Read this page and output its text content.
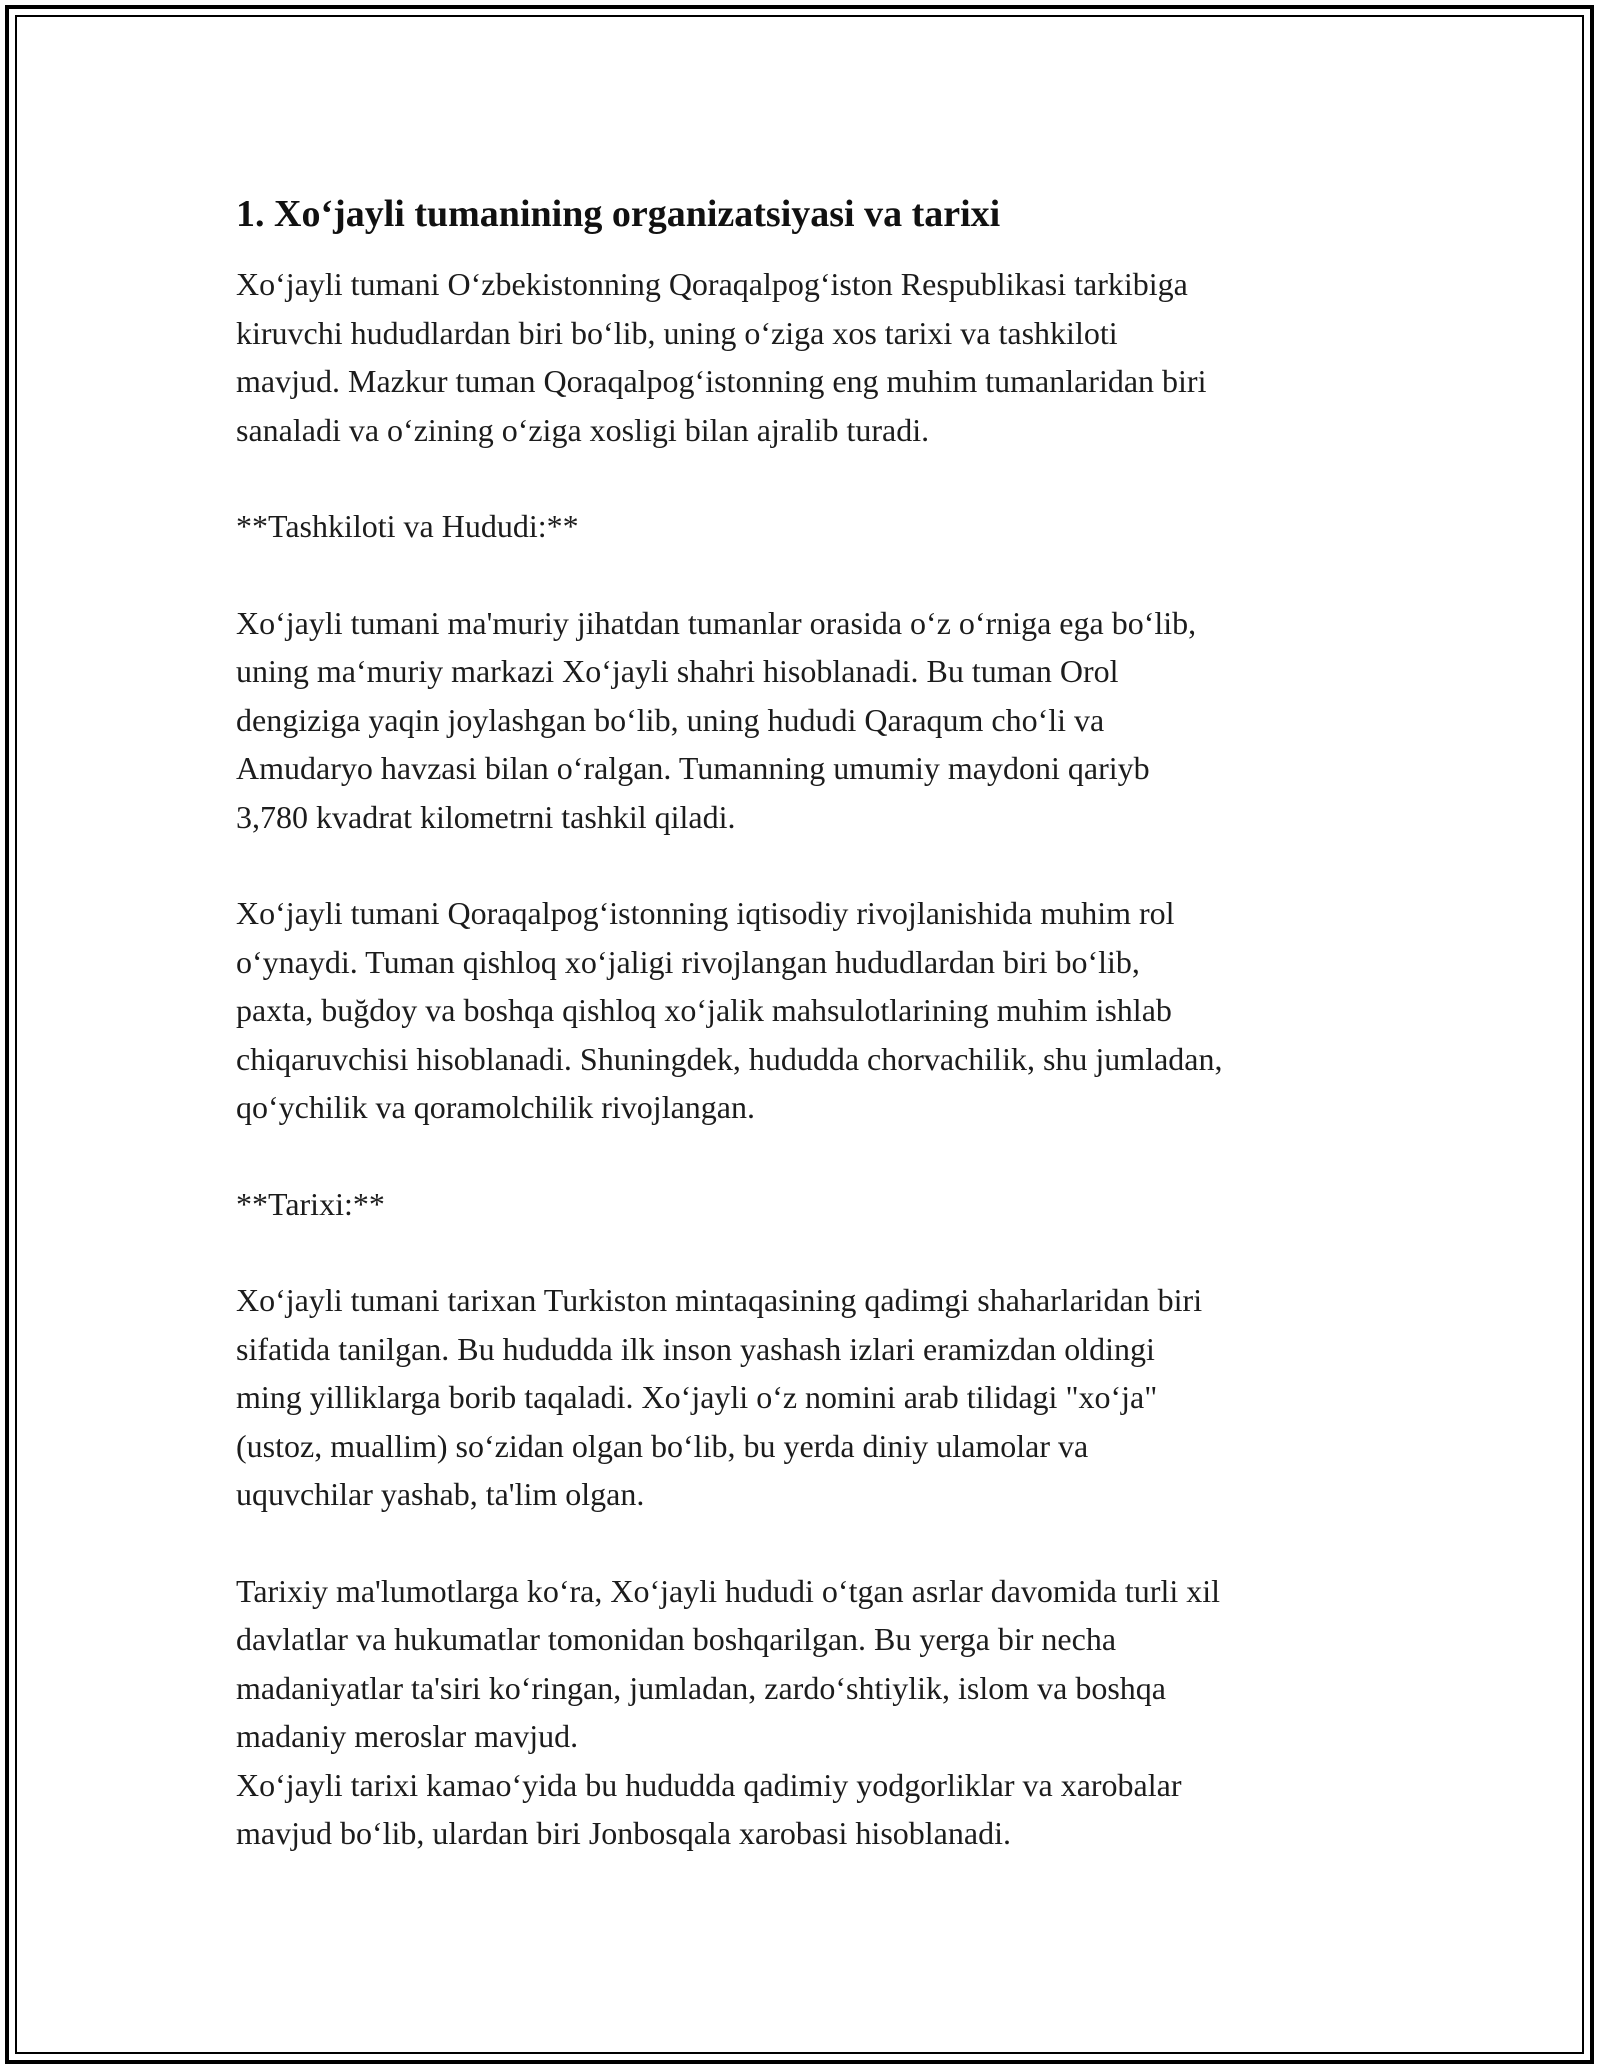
1. Xo‘jayli tumanining organizatsiyasi va tarixi

Xo‘jayli tumani O‘zbekistonning Qoraqalpog‘iston Respublikasi tarkibiga
kiruvchi hududlardan biri bo‘lib, uning o‘ziga xos tarixi va tashkiloti
mavjud. Mazkur tuman Qoraqalpog‘istonning eng muhim tumanlaridan biri
sanaladi va o‘zining o‘ziga xosligi bilan ajralib turadi.

**Tashkiloti va Hududi:**

Xo‘jayli tumani ma'muriy jihatdan tumanlar orasida o‘z o‘rniga ega bo‘lib,
uning ma‘muriy markazi Xo‘jayli shahri hisoblanadi. Bu tuman Orol
dengiziga yaqin joylashgan bo‘lib, uning hududi Qaraqum cho‘li va
Amudaryo havzasi bilan o‘ralgan. Tumanning umumiy maydoni qariyb
3,780 kvadrat kilometrni tashkil qiladi.

Xo‘jayli tumani Qoraqalpog‘istonning iqtisodiy rivojlanishida muhim rol
o‘ynaydi. Tuman qishloq xo‘jaligi rivojlangan hududlardan biri bo‘lib,
paxta, buğdoy va boshqa qishloq xo‘jalik mahsulotlarining muhim ishlab
chiqaruvchisi hisoblanadi. Shuningdek, hududda chorvachilik, shu jumladan,
qo‘ychilik va qoramolchilik rivojlangan.

**Tarixi:**

Xo‘jayli tumani tarixan Turkiston mintaqasining qadimgi shaharlaridan biri
sifatida tanilgan. Bu hududda ilk inson yashash izlari eramizdan oldingi
ming yilliklarga borib taqaladi. Xo‘jayli o‘z nomini arab tilidagi "xo‘ja"
(ustoz, muallim) so‘zidan olgan bo‘lib, bu yerda diniy ulamolar va
uquvchilar yashab, ta'lim olgan.

Tarixiy ma'lumotlarga ko‘ra, Xo‘jayli hududi o‘tgan asrlar davomida turli xil
davlatlar va hukumatlar tomonidan boshqarilgan. Bu yerga bir necha
madaniyatlar ta'siri ko‘ringan, jumladan, zardo‘shtiylik, islom va boshqa
madaniy meroslar mavjud.
Xo‘jayli tarixi kamao‘yida bu hududda qadimiy yodgorliklar va xarobalar
mavjud bo‘lib, ulardan biri Jonbosqala xarobasi hisoblanadi.
